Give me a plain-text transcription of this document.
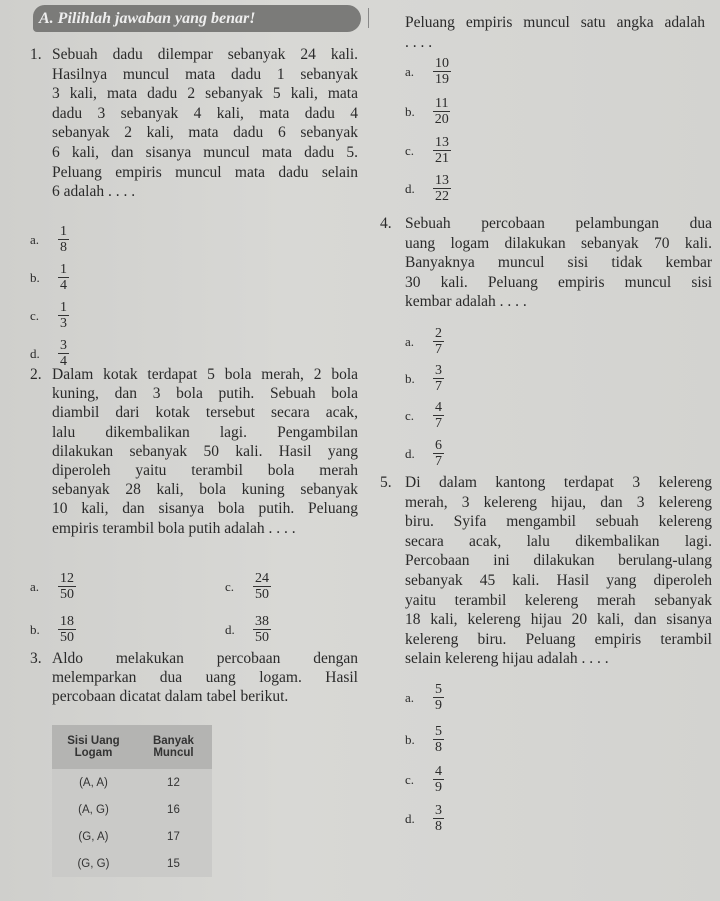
A. Pilihlah jawaban yang benar!
1. Sebuah dadu dilempar sebanyak 24 kali.
Hasilnya muncul mata dadu 1 sebanyak
3 kali, mata dadu 2 sebanyak 5 kali, mata
dadu 3 sebanyak 4 kali, mata dadu 4
sebanyak 2 kali, mata dadu 6 sebanyak
6 kali, dan sisanya muncul mata dadu 5.
Peluang empiris muncul mata dadu selain
6 adalah . . . .
a.	$\frac{1}{8}$
b.	$\frac{1}{4}$
c.	$\frac{1}{3}$
d.	$\frac{3}{4}$
2. Dalam kotak terdapat 5 bola merah, 2 bola
kuning, dan 3 bola putih. Sebuah bola
diambil dari kotak tersebut secara acak,
lalu dikembalikan lagi. Pengambilan
dilakukan sebanyak 50 kali. Hasil yang
diperoleh yaitu terambil bola merah
sebanyak 28 kali, bola kuning sebanyak
10 kali, dan sisanya bola putih. Peluang
empiris terambil bola putih adalah . . . .
a.	$\frac{12}{50}$
b.	$\frac{18}{50}$
c.	$\frac{24}{50}$
d.	$\frac{38}{50}$
3. Aldo melakukan percobaan dengan
melemparkan dua uang logam. Hasil
percobaan dicatat dalam tabel berikut.
Peluang empiris muncul satu angka adalah
. . . .
a.	$\frac{10}{19}$
b.	$\frac{11}{20}$
c.	$\frac{13}{21}$
d.	$\frac{13}{22}$
4. Sebuah percobaan pelambungan dua
uang logam dilakukan sebanyak 70 kali.
Banyaknya muncul sisi tidak kembar
30 kali. Peluang empiris muncul sisi
kembar adalah . . . .
a.	$\frac{2}{7}$
b.	$\frac{3}{7}$
c.	$\frac{4}{7}$
d.	$\frac{6}{7}$
5. Di dalam kantong terdapat 3 kelereng
merah, 3 kelereng hijau, dan 3 kelereng
biru. Syifa mengambil sebuah kelereng
secara acak, lalu dikembalikan lagi.
Percobaan ini dilakukan berulang-ulang
sebanyak 45 kali. Hasil yang diperoleh
yaitu terambil kelereng merah sebanyak
18 kali, kelereng hijau 20 kali, dan sisanya
kelereng biru. Peluang empiris terambil
selain kelereng hijau adalah . . . .
a.	$\frac{5}{9}$
b.	$\frac{5}{8}$
c.	$\frac{4}{9}$
d.	$\frac{3}{8}$
Sisi Uang Logam	Banyak Muncul
(A, A)	12
(A, G)	16
(G, A)	17
(G, G)	15
